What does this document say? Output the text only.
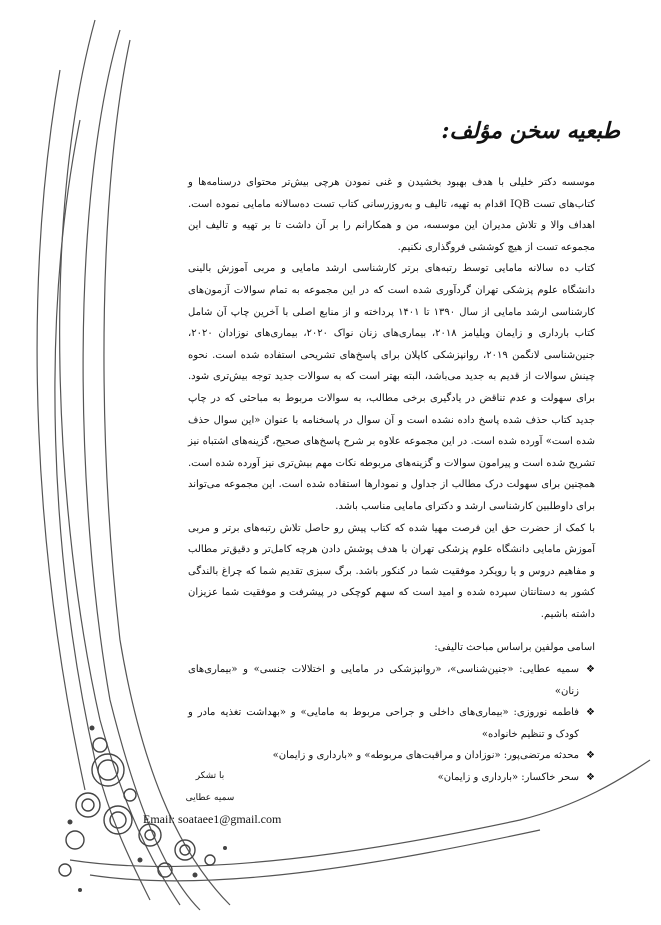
طبعیه سخن مؤلف:

موسسه دکتر خلیلی با هدف بهبود بخشیدن و غنی نمودن هرچی بیش‌تر محتوای درسنامه‌ها و کتاب‌های تست IQB اقدام به تهیه، تالیف و به‌روزرسانی کتاب تست ده‌سالانه مامایی نموده است. اهداف والا و تلاش مدیران این موسسه، من و همکارانم را بر آن داشت تا بر تهیه و تالیف این مجموعه تست از هیچ کوششی فروگذاری نکنیم.

کتاب ده سالانه مامایی توسط رتبه‌های برتر کارشناسی ارشد مامایی و مربی آموزش بالینی دانشگاه علوم پزشکی تهران گردآوری شده است که در این مجموعه به تمام سوالات آزمون‌های کارشناسی ارشد مامایی از سال ۱۳۹۰ تا ۱۴۰۱ پرداخته و از منابع اصلی با آخرین چاپ آن شامل کتاب بارداری و زایمان ویلیامز ۲۰۱۸، بیماری‌های زنان نواک ۲۰۲۰، بیماری‌های نوزادان ۲۰۲۰، جنین‌شناسی لانگمن ۲۰۱۹، روانپزشکی کاپلان برای پاسخ‌های تشریحی استفاده شده است. نحوه چینش سوالات از قدیم به جدید می‌باشد، البته بهتر است که به سوالات جدید توجه بیش‌تری شود. برای سهولت و عدم تناقض در یادگیری برخی مطالب، به سوالات مربوط به مباحثی که در چاپ جدید کتاب حذف شده پاسخ داده نشده است و آن سوال در پاسخنامه با عنوان «این سوال حذف شده است» آورده شده است. در این مجموعه علاوه بر شرح پاسخ‌های صحیح، گزینه‌های اشتباه نیز تشریح شده است و پیرامون سوالات و گزینه‌های مربوطه نکات مهم بیش‌تری نیز آورده شده است. همچنین برای سهولت درک مطالب از جداول و نمودارها استفاده شده است. این مجموعه می‌تواند برای داوطلبین کارشناسی ارشد و دکترای مامایی مناسب باشد.

با کمک از حضرت حق این فرصت مهیا شده که کتاب پیش رو حاصل تلاش رتبه‌های برتر و مربی آموزش مامایی دانشگاه علوم پزشکی تهران با هدف پوشش دادن هرچه کامل‌تر و دقیق‌تر مطالب و مفاهیم دروس و یا رویکرد موفقیت شما در کنکور باشد. برگ سبزی تقدیم شما که چراغ بالندگی کشور به دستانتان سپرده شده و امید است که سهم کوچکی در پیشرفت و موفقیت شما عزیزان داشته باشیم.

اسامی مولفین براساس مباحث تالیفی:
❖
سمیه عطایی: «جنین‌شناسی»، «روانپزشکی در مامایی و اختلالات جنسی» و «بیماری‌های زنان»
❖
فاطمه نوروزی: «بیماری‌های داخلی و جراحی مربوط به مامایی» و «بهداشت تغذیه مادر و کودک و تنظیم خانواده»
❖
محدثه مرتضی‌پور: «نوزادان و مراقبت‌های مربوطه» و «بارداری و زایمان»
❖
سحر خاکسار: «بارداری و زایمان»
با تشکر
سمیه عطایی
Email: soataee1@gmail.com
